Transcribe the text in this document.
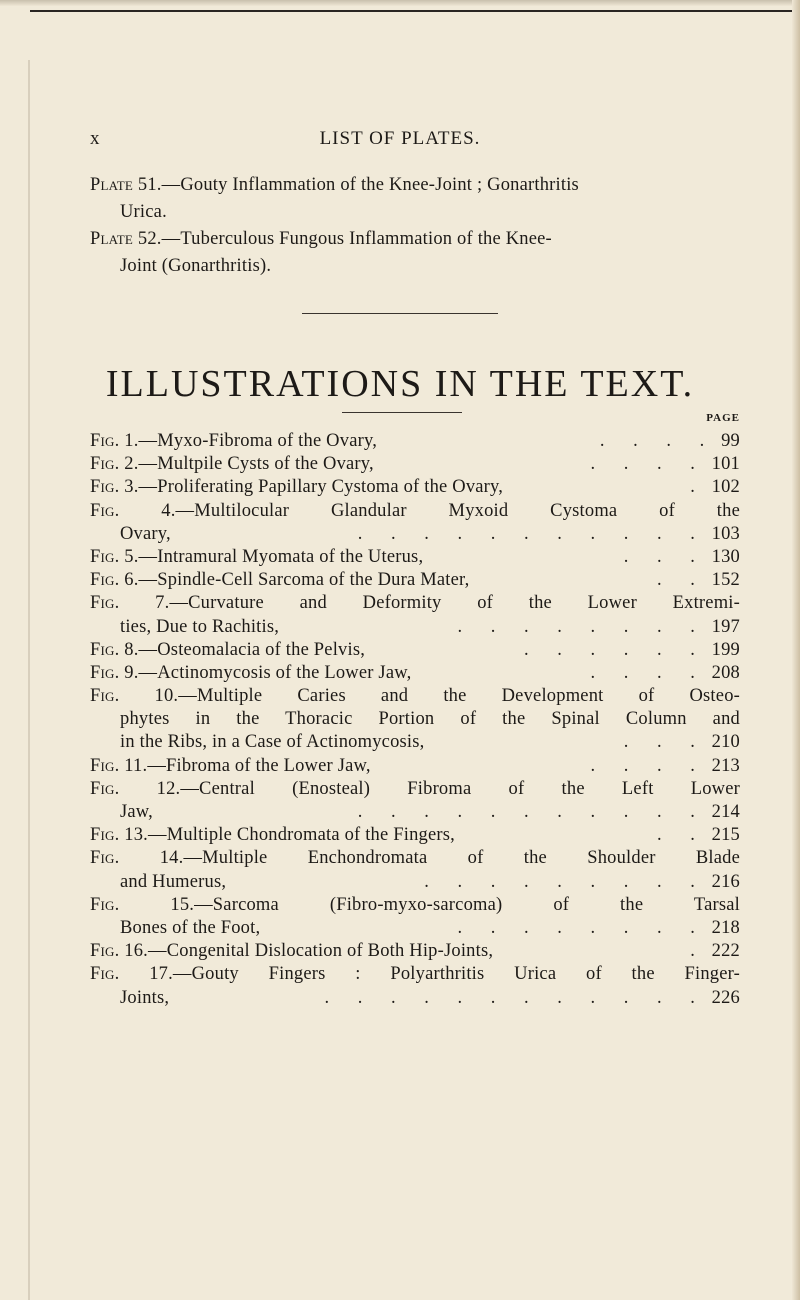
x	LIST OF PLATES.
Plate 51.—Gouty Inflammation of the Knee-Joint ; Gonarthritis
Urica.
Plate 52.—Tuberculous Fungous Inflammation of the Knee-
Joint (Gonarthritis).
ILLUSTRATIONS IN THE TEXT.
PAGE
Fig. 1.—Myxo-Fibroma of the Ovary,	. . . . 99
Fig. 2.—Multpile Cysts of the Ovary,	. . . . 101
Fig. 3.—Proliferating Papillary Cystoma of the Ovary,	. 102
Fig. 4.—Multilocular Glandular Myxoid Cystoma of the
Ovary,	. . . . . . . . . . . 103
Fig. 5.—Intramural Myomata of the Uterus,	. . . 130
Fig. 6.—Spindle-Cell Sarcoma of the Dura Mater,	. . 152
Fig. 7.—Curvature and Deformity of the Lower Extremi-
ties, Due to Rachitis,	. . . . . . . . 197
Fig. 8.—Osteomalacia of the Pelvis,	. . . . . . 199
Fig. 9.—Actinomycosis of the Lower Jaw,	. . . . 208
Fig. 10.—Multiple Caries and the Development of Osteo-
phytes in the Thoracic Portion of the Spinal Column and
in the Ribs, in a Case of Actinomycosis,	. . . 210
Fig. 11.—Fibroma of the Lower Jaw,	. . . . 213
Fig. 12.—Central (Enosteal) Fibroma of the Left Lower
Jaw,	. . . . . . . . . . . 214
Fig. 13.—Multiple Chondromata of the Fingers,	. . 215
Fig. 14.—Multiple Enchondromata of the Shoulder Blade
and Humerus,	. . . . . . . . . 216
Fig.	15.—Sarcoma (Fibro-myxo-sarcoma) of the Tarsal
Bones of the Foot,	. . . . . . . . 218
Fig. 16.—Congenital Dislocation of Both Hip-Joints,	. 222
Fig. 17.—Gouty Fingers : Polyarthritis Urica of the Finger-
Joints,	. . . . . . . . . . . . 226
